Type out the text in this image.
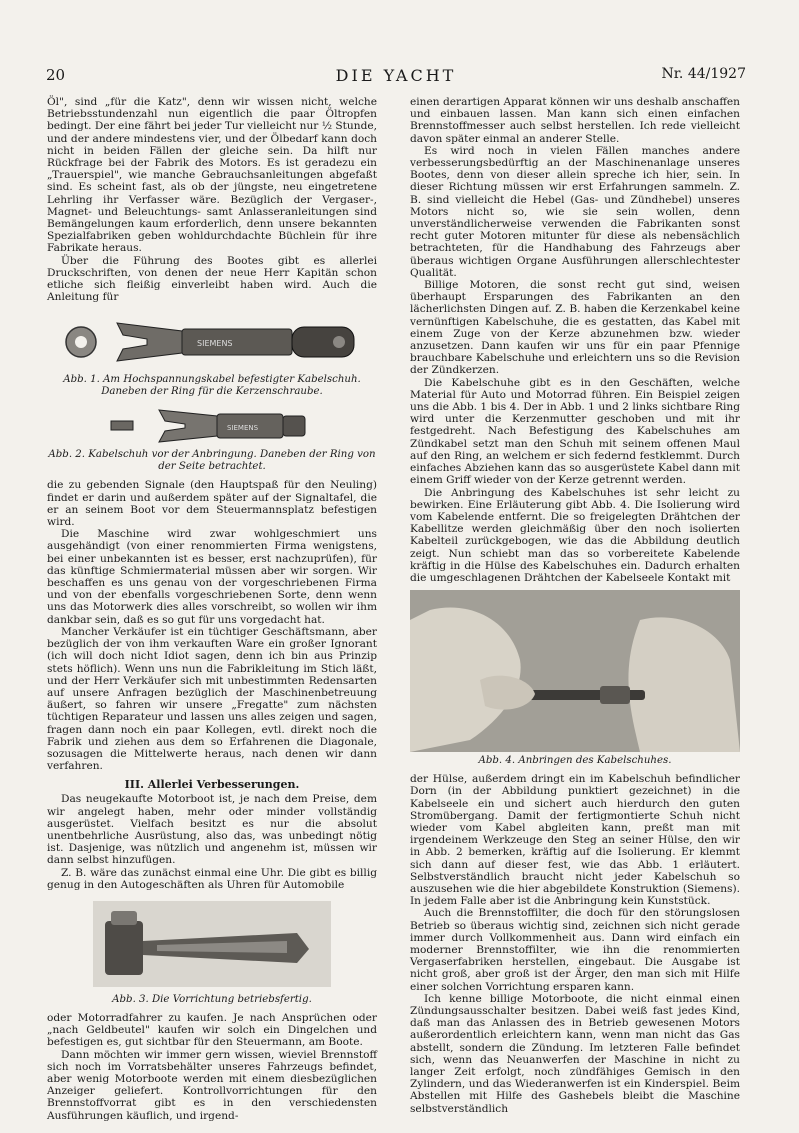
20	DIE YACHT	Nr. 44/1927

Öl", sind „für die Katz", denn wir wissen nicht, welche Betriebsstundenzahl nun eigentlich die paar Öltropfen bedingt. Der eine fährt bei jeder Tur vielleicht nur ½ Stunde, und der andere mindestens vier, und der Ölbedarf kann doch nicht in beiden Fällen der gleiche sein. Da hilft nur Rückfrage bei der Fabrik des Motors. Es ist geradezu ein „Trauerspiel", wie manche Gebrauchsanleitungen abgefaßt sind. Es scheint fast, als ob der jüngste, neu eingetretene Lehrling ihr Verfasser wäre. Bezüglich der Vergaser-, Magnet- und Beleuchtungs- samt Anlasseranleitungen sind Bemängelungen kaum erforderlich, denn unsere bekannten Spezialfabriken geben wohldurchdachte Büchlein für ihre Fabrikate heraus.

Über die Führung des Bootes gibt es allerlei Druckschriften, von denen der neue Herr Kapitän schon etliche sich fleißig einverleibt haben wird. Auch die Anleitung für

SIEMENS
Abb. 1. Am Hochspannungskabel befestigter Kabelschuh. Daneben der Ring für die Kerzenschraube.
SIEMENS
Abb. 2. Kabelschuh vor der Anbringung. Daneben der Ring von der Seite betrachtet.

die zu gebenden Signale (den Hauptspaß für den Neuling) findet er darin und außerdem später auf der Signaltafel, die er an seinem Boot vor dem Steuermannsplatz befestigen wird.

Die Maschine wird zwar wohlgeschmiert uns ausgehändigt (von einer renommierten Firma wenigstens, bei einer unbekannten ist es besser, erst nachzuprüfen), für das künftige Schmiermaterial müssen aber wir sorgen. Wir beschaffen es uns genau von der vorgeschriebenen Firma und von der ebenfalls vorgeschriebenen Sorte, denn wenn uns das Motorwerk dies alles vorschreibt, so wollen wir ihm dankbar sein, daß es so gut für uns vorgedacht hat.

Mancher Verkäufer ist ein tüchtiger Geschäftsmann, aber bezüglich der von ihm verkauften Ware ein großer Ignorant (ich will doch nicht Idiot sagen, denn ich bin aus Prinzip stets höflich). Wenn uns nun die Fabrikleitung im Stich läßt, und der Herr Verkäufer sich mit unbestimmten Redensarten auf unsere Anfragen bezüglich der Maschinenbetreuung äußert, so fahren wir unsere „Fregatte" zum nächsten tüchtigen Reparateur und lassen uns alles zeigen und sagen, fragen dann noch ein paar Kollegen, evtl. direkt noch die Fabrik und ziehen aus dem so Erfahrenen die Diagonale, sozusagen die Mittelwerte heraus, nach denen wir dann verfahren.

III. Allerlei Verbesserungen.

Das neugekaufte Motorboot ist, je nach dem Preise, dem wir angelegt haben, mehr oder minder vollständig ausgerüstet. Vielfach besitzt es nur die absolut unentbehrliche Ausrüstung, also das, was unbedingt nötig ist. Dasjenige, was nützlich und angenehm ist, müssen wir dann selbst hinzufügen.

Z. B. wäre das zunächst einmal eine Uhr. Die gibt es billig genug in den Autogeschäften als Uhren für Automobile

Abb. 3. Die Vorrichtung betriebsfertig.

oder Motorradfahrer zu kaufen. Je nach Ansprüchen oder „nach Geldbeutel" kaufen wir solch ein Dingelchen und befestigen es, gut sichtbar für den Steuermann, am Boote.

Dann möchten wir immer gern wissen, wieviel Brennstoff sich noch im Vorratsbehälter unseres Fahrzeugs befindet, aber wenig Motorboote werden mit einem diesbezüglichen Anzeiger geliefert. Kontrollvorrichtungen für den Brennstoffvorrat gibt es in den verschiedensten Ausführungen käuflich, und irgend-

einen derartigen Apparat können wir uns deshalb anschaffen und einbauen lassen. Man kann sich einen einfachen Brennstoffmesser auch selbst herstellen. Ich rede vielleicht davon später einmal an anderer Stelle.

Es wird noch in vielen Fällen manches andere verbesserungsbedürftig an der Maschinenanlage unseres Bootes, denn von dieser allein spreche ich hier, sein. In dieser Richtung müssen wir erst Erfahrungen sammeln. Z. B. sind vielleicht die Hebel (Gas- und Zündhebel) unseres Motors nicht so, wie sie sein wollen, denn unverständlicherweise verwenden die Fabrikanten sonst recht guter Motoren mitunter für diese als nebensächlich betrachteten, für die Handhabung des Fahrzeugs aber überaus wichtigen Organe Ausführungen allerschlechtester Qualität.

Billige Motoren, die sonst recht gut sind, weisen überhaupt Ersparungen des Fabrikanten an den lächerlichsten Dingen auf. Z. B. haben die Kerzenkabel keine vernünftigen Kabelschuhe, die es gestatten, das Kabel mit einem Zuge von der Kerze abzunehmen bzw. wieder anzusetzen. Dann kaufen wir uns für ein paar Pfennige brauchbare Kabelschuhe und erleichtern uns so die Revision der Zündkerzen.

Die Kabelschuhe gibt es in den Geschäften, welche Material für Auto und Motorrad führen. Ein Beispiel zeigen uns die Abb. 1 bis 4. Der in Abb. 1 und 2 links sichtbare Ring wird unter die Kerzenmutter geschoben und mit ihr festgedreht. Nach Befestigung des Kabelschuhes am Zündkabel setzt man den Schuh mit seinem offenen Maul auf den Ring, an welchem er sich federnd festklemmt. Durch einfaches Abziehen kann das so ausgerüstete Kabel dann mit einem Griff wieder von der Kerze getrennt werden.

Die Anbringung des Kabelschuhes ist sehr leicht zu bewirken. Eine Erläuterung gibt Abb. 4. Die Isolierung wird vom Kabelende entfernt. Die so freigelegten Drähtchen der Kabellitze werden gleichmäßig über den noch isolierten Kabelteil zurückgebogen, wie das die Abbildung deutlich zeigt. Nun schiebt man das so vorbereitete Kabelende kräftig in die Hülse des Kabelschuhes ein. Dadurch erhalten die umgeschlagenen Drähtchen der Kabelseele Kontakt mit

Abb. 4. Anbringen des Kabelschuhes.

der Hülse, außerdem dringt ein im Kabelschuh befindlicher Dorn (in der Abbildung punktiert gezeichnet) in die Kabelseele ein und sichert auch hierdurch den guten Stromübergang. Damit der fertigmontierte Schuh nicht wieder vom Kabel abgleiten kann, preßt man mit irgendeinem Werkzeuge den Steg an seiner Hülse, den wir in Abb. 2 bemerken, kräftig auf die Isolierung. Er klemmt sich dann auf dieser fest, wie das Abb. 1 erläutert. Selbstverständlich braucht nicht jeder Kabelschuh so auszusehen wie die hier abgebildete Konstruktion (Siemens). In jedem Falle aber ist die Anbringung kein Kunststück.

Auch die Brennstoffilter, die doch für den störungslosen Betrieb so überaus wichtig sind, zeichnen sich nicht gerade immer durch Vollkommenheit aus. Dann wird einfach ein moderner Brennstoffilter, wie ihn die renommierten Vergaserfabriken herstellen, eingebaut. Die Ausgabe ist nicht groß, aber groß ist der Ärger, den man sich mit Hilfe einer solchen Vorrichtung ersparen kann.

Ich kenne billige Motorboote, die nicht einmal einen Zündungsausschalter besitzen. Dabei weiß fast jedes Kind, daß man das Anlassen des in Betrieb gewesenen Motors außerordentlich erleichtern kann, wenn man nicht das Gas abstellt, sondern die Zündung. Im letzteren Falle befindet sich, wenn das Neuanwerfen der Maschine in nicht zu langer Zeit erfolgt, noch zündfähiges Gemisch in den Zylindern, und das Wiederanwerfen ist ein Kinderspiel. Beim Abstellen mit Hilfe des Gashebels bleibt die Maschine selbstverständlich
